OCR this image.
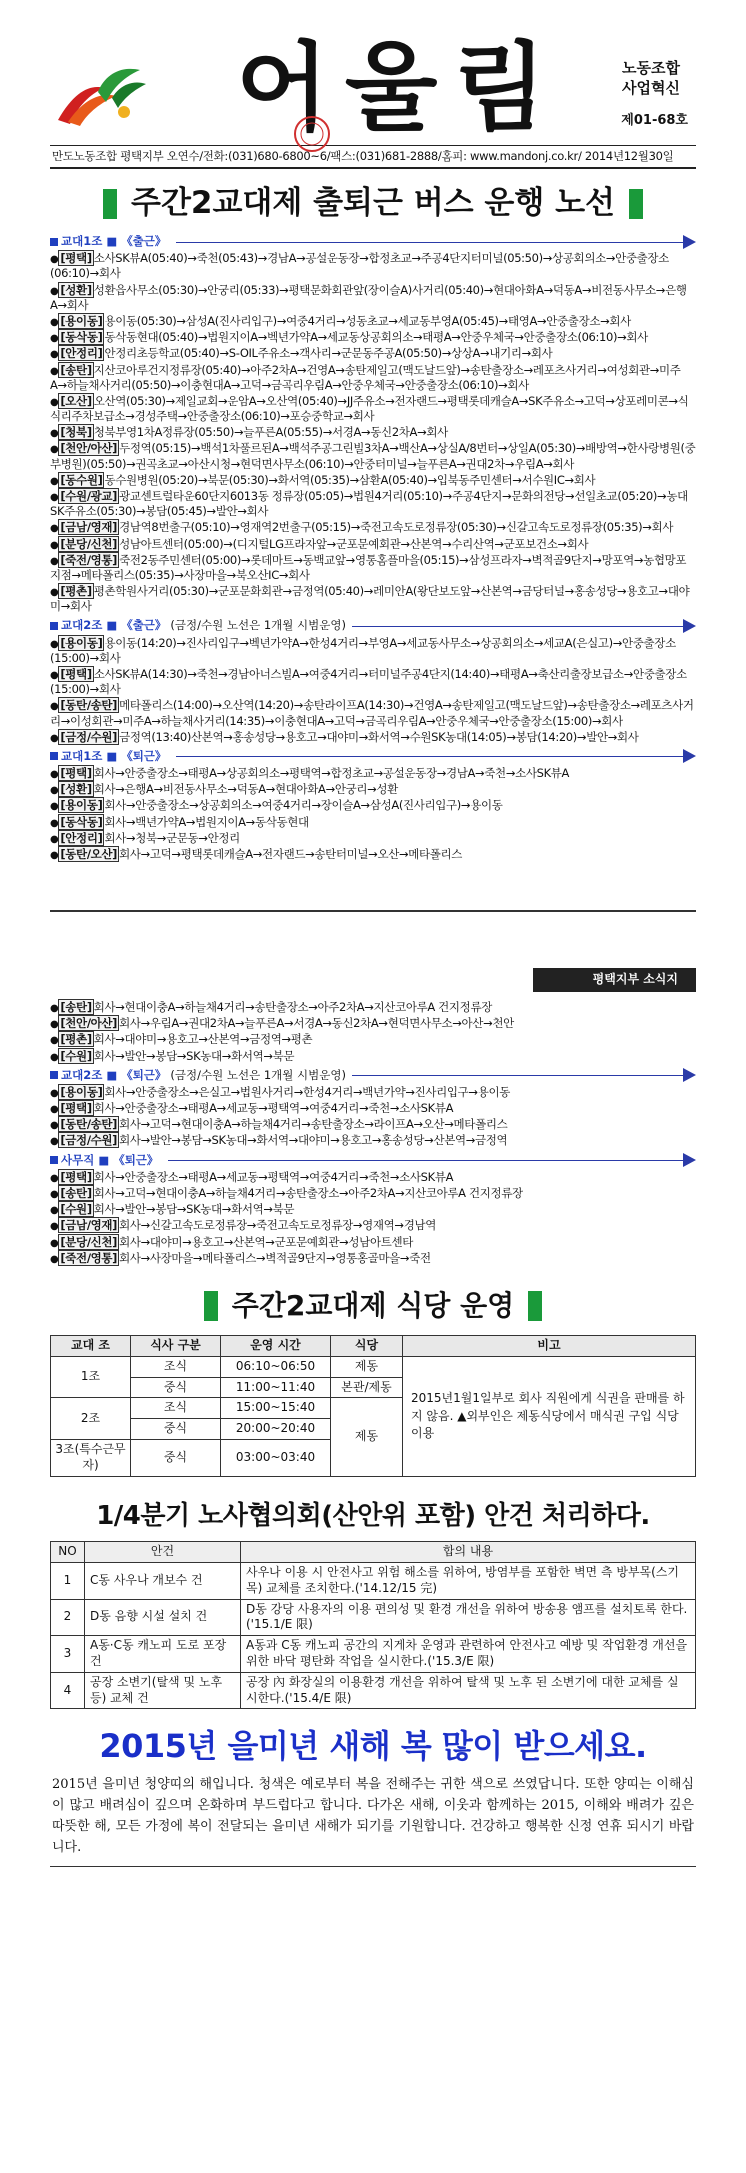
어울림	노동조합
사업혁신
제01-68호
만도노동조합 평택지부 오연수/전화:(031)680-6800~6/팩스:(031)681-2888/홈피: www.mandonj.co.kr/ 2014년12월30일
주간2교대제 출퇴근 버스 운행 노선
교대1조 ■ 《출근》
● [평택] 소사SK뷰A(05:40)→죽천(05:43)→경남A→공설운동장→합정초교→주공4단지터미널(05:50)→상공회의소→안중출장소(06:10)→회사
● [성환] 성환읍사무소(05:30)→안궁리(05:33)→평택문화회관앞(장이슬A)사거리(05:40)→현대아화A→덕동A→비전동사무소→은행A→회사
● [용이동] 용이동(05:30)→삼성A(진사리입구)→여중4거리→성동초교→세교동부영A(05:45)→태영A→안중출장소→회사
● [동삭동] 동삭동현대(05:40)→법원지이A→벡년가약A→세교동상공회의소→태평A→안중우체국→안중출장소(06:10)→회사
● [안정리] 안정리초등학교(05:40)→S-OIL주유소→객사리→군문동주공A(05:50)→상상A→내기리→회사
● [송탄] 지산코아루건지정류장(05:40)→아주2차A→건영A→송탄제일고(맥도날드앞)→송탄출장소→레포츠사거리→여성회관→미주A→하늘채사거리(05:50)→이충현대A→고덕→금곡리우림A→안중우체국→안중출장소(06:10)→회사
● [오산] 오산역(05:30)→제일교회→운암A→오산역(05:40)→JJ주유소→전자랜드→평택롯데캐슬A→SK주유소→고덕→상포레미콘→식식리주차보급소→경성주택→안중출장소(06:10)→포승중학교→회사
● [청북] 청북부영1차A정류장(05:50)→늘푸른A(05:55)→서경A→동신2차A→회사
● [천안/아산] 두정역(05:15)→백석1차풀르된A→백석주공그린빌3차A→백산A→상실A/8번터→상일A(05:30)→배방역→한사랑병원(중부병원)(05:50)→권곡초교→아산시청→현덕면사무소(06:10)→안중터미널→늘푸른A→권대2차→우림A→회사
● [동수원] 동수원병원(05:20)→북문(05:30)→화서역(05:35)→삼환A(05:40)→입북동주민센터→서수원IC→회사
● [수원/광교] 광교센트럴타운60단지6013동 정류장(05:05)→법원4거리(05:10)→주공4단지→문화의전당→선일초교(05:20)→농대SK주유소(05:30)→봉담(05:45)→발안→회사
● [금남/영재] 경남역8번출구(05:10)→영재역2번출구(05:15)→죽전고속도로정류장(05:30)→신갈고속도로정류장(05:35)→회사
● [분당/신천] 성남아트센터(05:00)→(디지털LG프라자앞→군포문예회관→산본역→수리산역→군포보건소→회사
● [죽전/영통] 죽전2동주민센터(05:00)→롯데마트→동백교앞→영통홈플마을(05:15)→삼성프라자→벽적골9단지→망포역→농협망포지점→메타폴리스(05:35)→사장마을→북오산IC→회사
● [평촌] 평촌학원사거리(05:30)→군포문화회관→금정역(05:40)→레미안A(왕단보도앞→산본역→금당터널→홍송성당→용호고→대야미→회사
교대2조 ■ 《출근》 (금정/수원 노선은 1개월 시범운영)
● [용이동] 용이동(14:20)→진사리입구→벡년가약A→한성4거리→부영A→세교동사무소→상공회의소→세교A(은실고)→안중출장소(15:00)→회사
● [평택] 소사SK뷰A(14:30)→죽천→경남아너스빌A→여중4거리→터미널주공4단지(14:40)→태평A→축산리출장보급소→안중출장소(15:00)→회사
● [동탄/송탄] 메타폴리스(14:00)→오산역(14:20)→송탄라이프A(14:30)→건영A→송탄제일고(맥도날드앞)→송탄출장소→레포츠사거리→이성회관→미주A→하늘채사거리(14:35)→이충현대A→고덕→금곡리우림A→안중우체국→안중출장소(15:00)→회사
● [금정/수원] 금정역(13:40)산본역→홍송성당→용호고→대야미→화서역→수원SK농대(14:05)→봉담(14:20)→발안→회사
교대1조 ■ 《퇴근》
● [평택] 회사→안중출장소→태평A→상공회의소→평택역→합정초교→공설운동장→경남A→죽천→소사SK뷰A
● [성환] 회사→은행A→비전동사무소→덕동A→현대아화A→안궁리→성환
● [용이동] 회사→안중출장소→상공회의소→여중4거리→장이슬A→삼성A(진사리입구)→용이동
● [동삭동] 회사→백년가약A→법원지이A→동삭동현대
● [안정리] 회사→청북→군문동→안정리
● [동탄/오산] 회사→고덕→평택롯데캐슬A→전자랜드→송탄터미널→오산→메타폴리스
평택지부 소식지
● [송탄] 회사→현대이충A→하늘채4거리→송탄출장소→아주2차A→지산코아루A 건지정류장
● [천안/아산] 회사→우림A→권대2차A→늘푸른A→서경A→동신2차A→현덕면사무소→아산→천안
● [평촌] 회사→대야미→용호고→산본역→금정역→평촌
● [수원] 회사→발안→봉담→SK농대→화서역→북문
교대2조 ■ 《퇴근》 (금정/수원 노선은 1개월 시범운영)
● [용이동] 회사→안중출장소→은실고→법원사거리→한성4거리→백년가약→진사리입구→용이동
● [평택] 회사→안중출장소→태평A→세교동→평택역→여중4거리→죽천→소사SK뷰A
● [동탄/송탄] 회사→고덕→현대이충A→하늘채4거리→송탄출장소→라이프A→오산→메타폴리스
● [금정/수원] 회사→발안→봉담→SK농대→화서역→대야미→용호고→홍송성당→산본역→금정역
사무직 ■ 《퇴근》
● [평택] 회사→안중출장소→태평A→세교동→평택역→여중4거리→죽천→소사SK뷰A
● [송탄] 회사→고덕→현대이충A→하늘채4거리→송탄출장소→아주2차A→지산코아루A 건지정류장
● [수원] 회사→발안→봉담→SK농대→화서역→북문
● [금남/영재] 회사→신갈고속도로정류장→죽전고속도로정류장→영재역→경남역
● [분당/신천] 회사→대야미→용호고→산본역→군포문예회관→성남아트센타
● [죽전/영통] 회사→사장마을→메타폴리스→벽적골9단지→영통홍골마을→죽전
주간2교대제 식당 운영
교대 조	식사 구분	운영 시간	식당	비고
1조	조식	06:10~06:50	제동	2015년1월1일부로 회사 직원에게 식권을 판매를 하지 않음. ▲외부인은 제동식당에서 매식권 구입 식당 이용
	중식	11:00~11:40	본관/제동	
2조	조식	15:00~15:40	제동	
	중식	20:00~20:40		
3조(특수근무자)	중식	03:00~03:40		
1/4분기 노사협의회(산안위 포함) 안건 처리하다.
NO	안건	합의 내용
1	C동 사우나 개보수 건	사우나 이용 시 안전사고 위험 해소를 위하여, 방염부를 포함한 벽면 측 방부목(스기목) 교체를 조치한다.('14.12/15 完)
2	D동 음향 시설 설치 건	D동 강당 사용자의 이용 편의성 및 환경 개선을 위하여 방송용 앰프를 설치토록 한다.('15.1/E 限)
3	A동·C동 캐노피 도로 포장 건	A동과 C동 캐노피 공간의 지게차 운영과 관련하여 안전사고 예방 및 작업환경 개선을 위한 바닥 평탄화 작업을 실시한다.('15.3/E 限)
4	공장 소변기(탈색 및 노후 등) 교체 건	공장 內 화장실의 이용환경 개선을 위하여 탈색 및 노후 된 소변기에 대한 교체를 실시한다.('15.4/E 限)
2015년 을미년 새해 복 많이 받으세요.
2015년 을미년 청양띠의 해입니다. 청색은 예로부터 복을 전해주는 귀한 색으로 쓰였답니다. 또한 양띠는 이해심이 많고 배려심이 깊으며 온화하며 부드럽다고 합니다. 다가온 새해, 이웃과 함께하는 2015, 이해와 배려가 깊은 따뜻한 해, 모든 가정에 복이 전달되는 을미년 새해가 되기를 기원합니다. 건강하고 행복한 신정 연휴 되시기 바랍니다.
